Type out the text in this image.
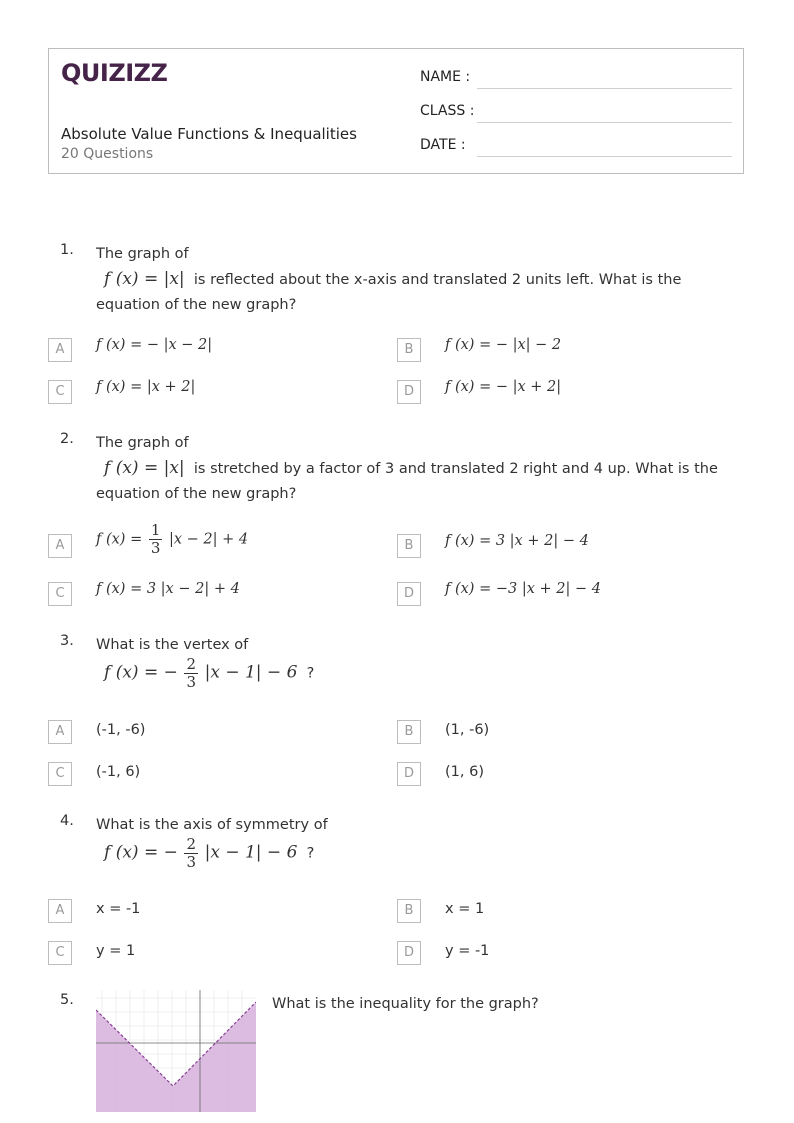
QUIZIZZ
Absolute Value Functions & Inequalities
20 Questions
NAME :
CLASS :
DATE :
1. The graph of
f (x) = |x| is reflected about the x-axis and translated 2 units left. What is the equation of the new graph?
A	f (x) = − |x − 2|	B	f (x) = − |x| − 2
C	f (x) = |x + 2|	D	f (x) = − |x + 2|
2. The graph of
f (x) = |x| is stretched by a factor of 3 and translated 2 right and 4 up. What is the equation of the new graph?
A	f $(x) = \frac{1}{3} |x - 2| + 4$	B	f (x) = 3 |x + 2| − 4
C	f (x) = 3 |x − 2| + 4	D	f (x) = −3 |x + 2| − 4
3. What is the vertex of
f (x) = − $\frac{2}{3} |x - 1| - 6$ ?
A	(-1, -6)	B	(1, -6)
C	(-1, 6)	D	(1, 6)
4. What is the axis of symmetry of
f (x) = − $\frac{2}{3} |x - 1| - 6$ ?
A	x = -1	B	x = 1
C	y = 1	D	y = -1
5.	What is the inequality for the graph?
